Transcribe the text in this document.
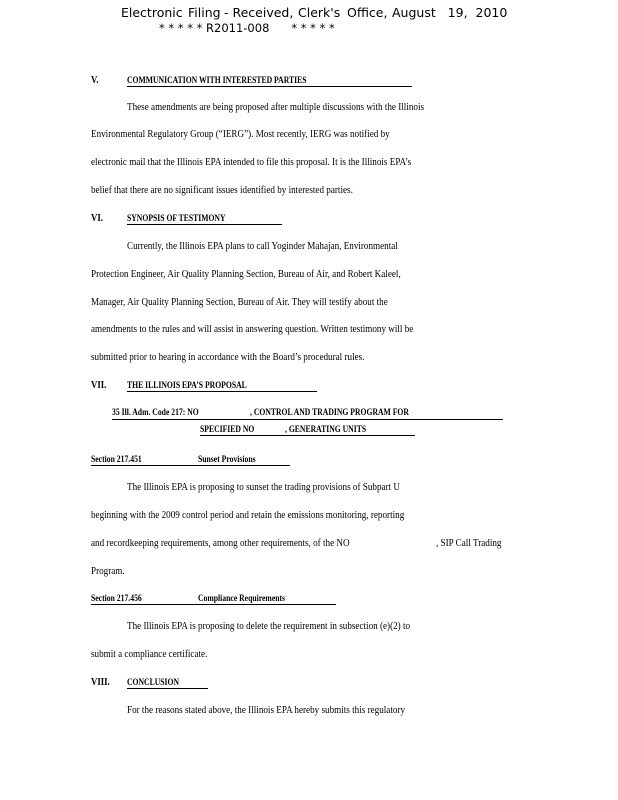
Electronic Filing - Received, Clerk's Office, August   19,  2010
* * * * * R2011-008      * * * * *
V.	COMMUNICATION WITH INTERESTED PARTIES
These amendments are being proposed after multiple discussions with the Illinois
Environmental Regulatory Group (“IERG”). Most recently, IERG was notified by
electronic mail that the Illinois EPA intended to file this proposal. It is the Illinois EPA’s
belief that there are no significant issues identified by interested parties.
VI.	SYNOPSIS OF TESTIMONY
Currently, the Illinois EPA plans to call Yoginder Mahajan, Environmental
Protection Engineer, Air Quality Planning Section, Bureau of Air, and Robert Kaleel,
Manager, Air Quality Planning Section, Bureau of Air. They will testify about the
amendments to the rules and will assist in answering question. Written testimony will be
submitted prior to hearing in accordance with the Board’s procedural rules.
VII. THE ILLINOIS EPA’S PROPOSAL
35 Ill. Adm. Code 217: NO	, CONTROL AND TRADING PROGRAM FOR
SPECIFIED NO	, GENERATING UNITS
Section 217.451	Sunset Provisions
The Illinois EPA is proposing to sunset the trading provisions of Subpart U
beginning with the 2009 control period and retain the emissions monitoring, reporting
and recordkeeping requirements, among other requirements, of the NO	, SIP Call Trading
Program.
Section 217.456	Compliance Requirements
The Illinois EPA is proposing to delete the requirement in subsection (e)(2) to
submit a compliance certificate.
VIII. CONCLUSION
For the reasons stated above, the Illinois EPA hereby submits this regulatory
